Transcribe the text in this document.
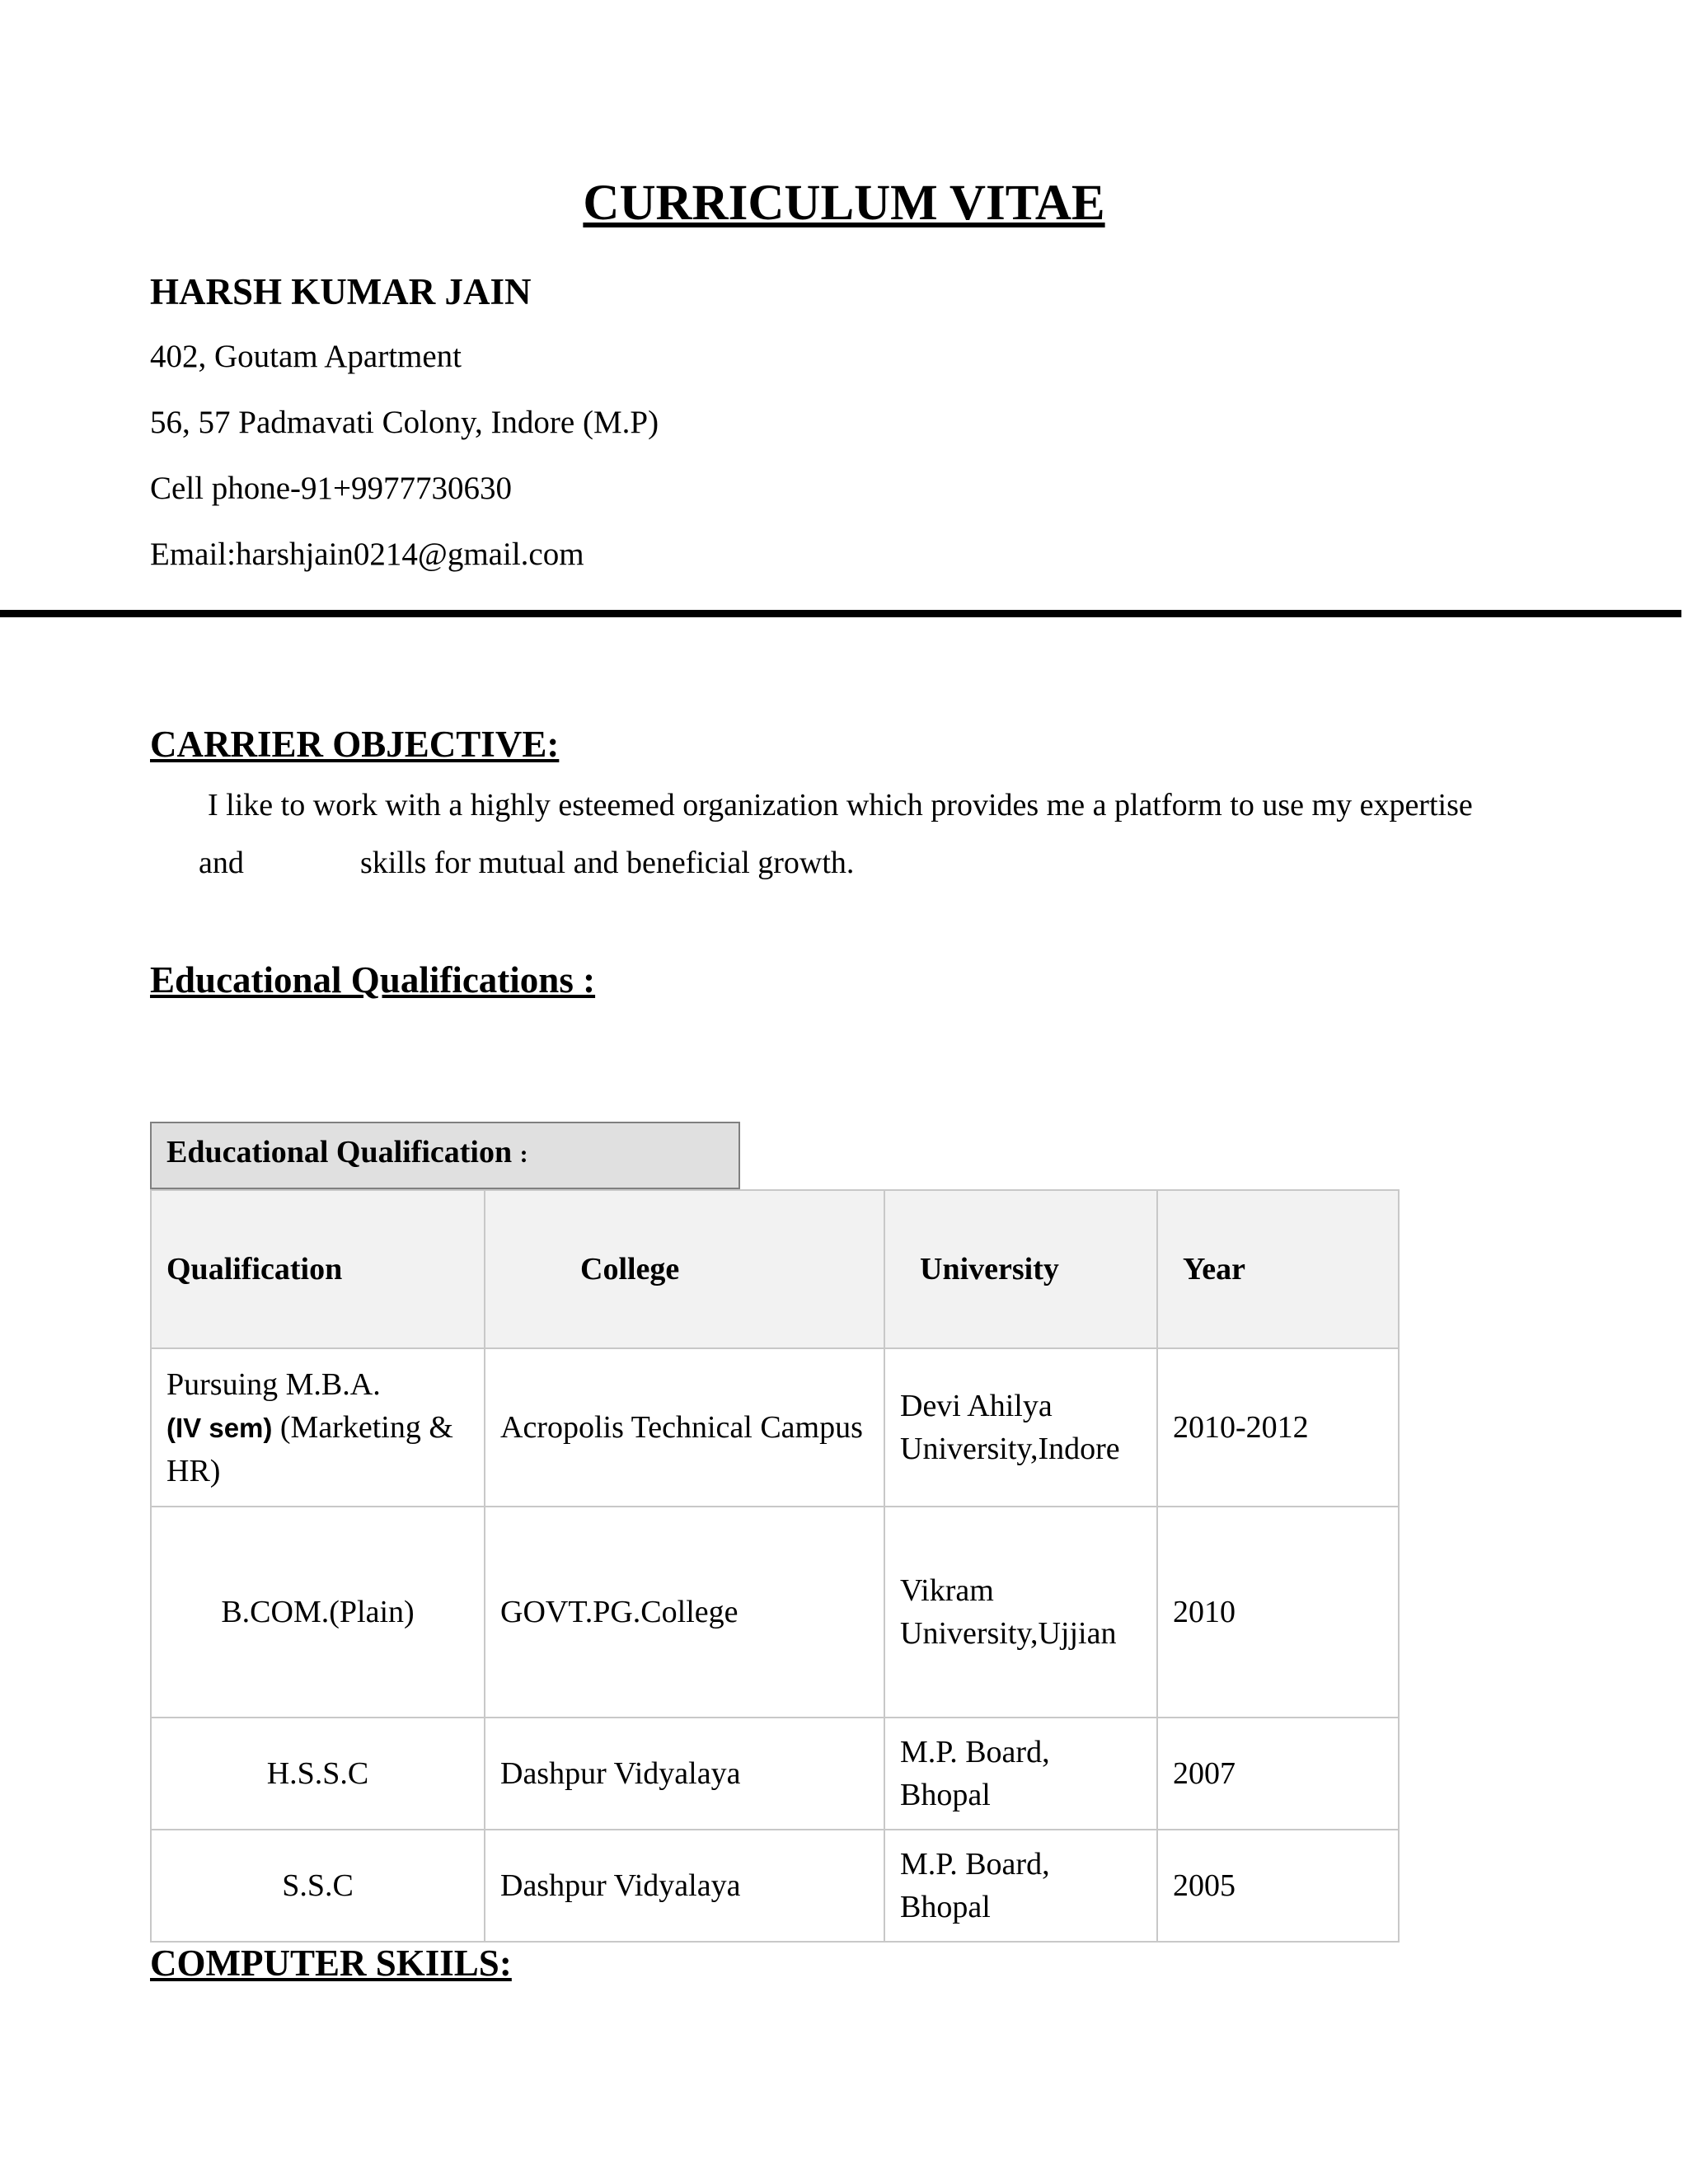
CURRICULUM VITAE
HARSH KUMAR JAIN
402, Goutam Apartment
56, 57 Padmavati Colony, Indore (M.P)
Cell phone-91+9977730630
Email:harshjain0214@gmail.com
CARRIER OBJECTIVE:
I like to work with a highly esteemed organization which provides me a platform to use my expertise
and	skills for mutual and beneficial growth.
Educational Qualifications :
Educational Qualification :
Qualification	College	University	Year
Pursuing M.B.A.
(IV sem) (Marketing & HR)	Acropolis Technical Campus	Devi Ahilya University,Indore	2010-2012
B.COM.(Plain)	GOVT.PG.College	Vikram University,Ujjian	2010
H.S.S.C	Dashpur Vidyalaya	M.P. Board, Bhopal	2007
S.S.C	Dashpur Vidyalaya	M.P. Board, Bhopal	2005
COMPUTER SKIILS:
